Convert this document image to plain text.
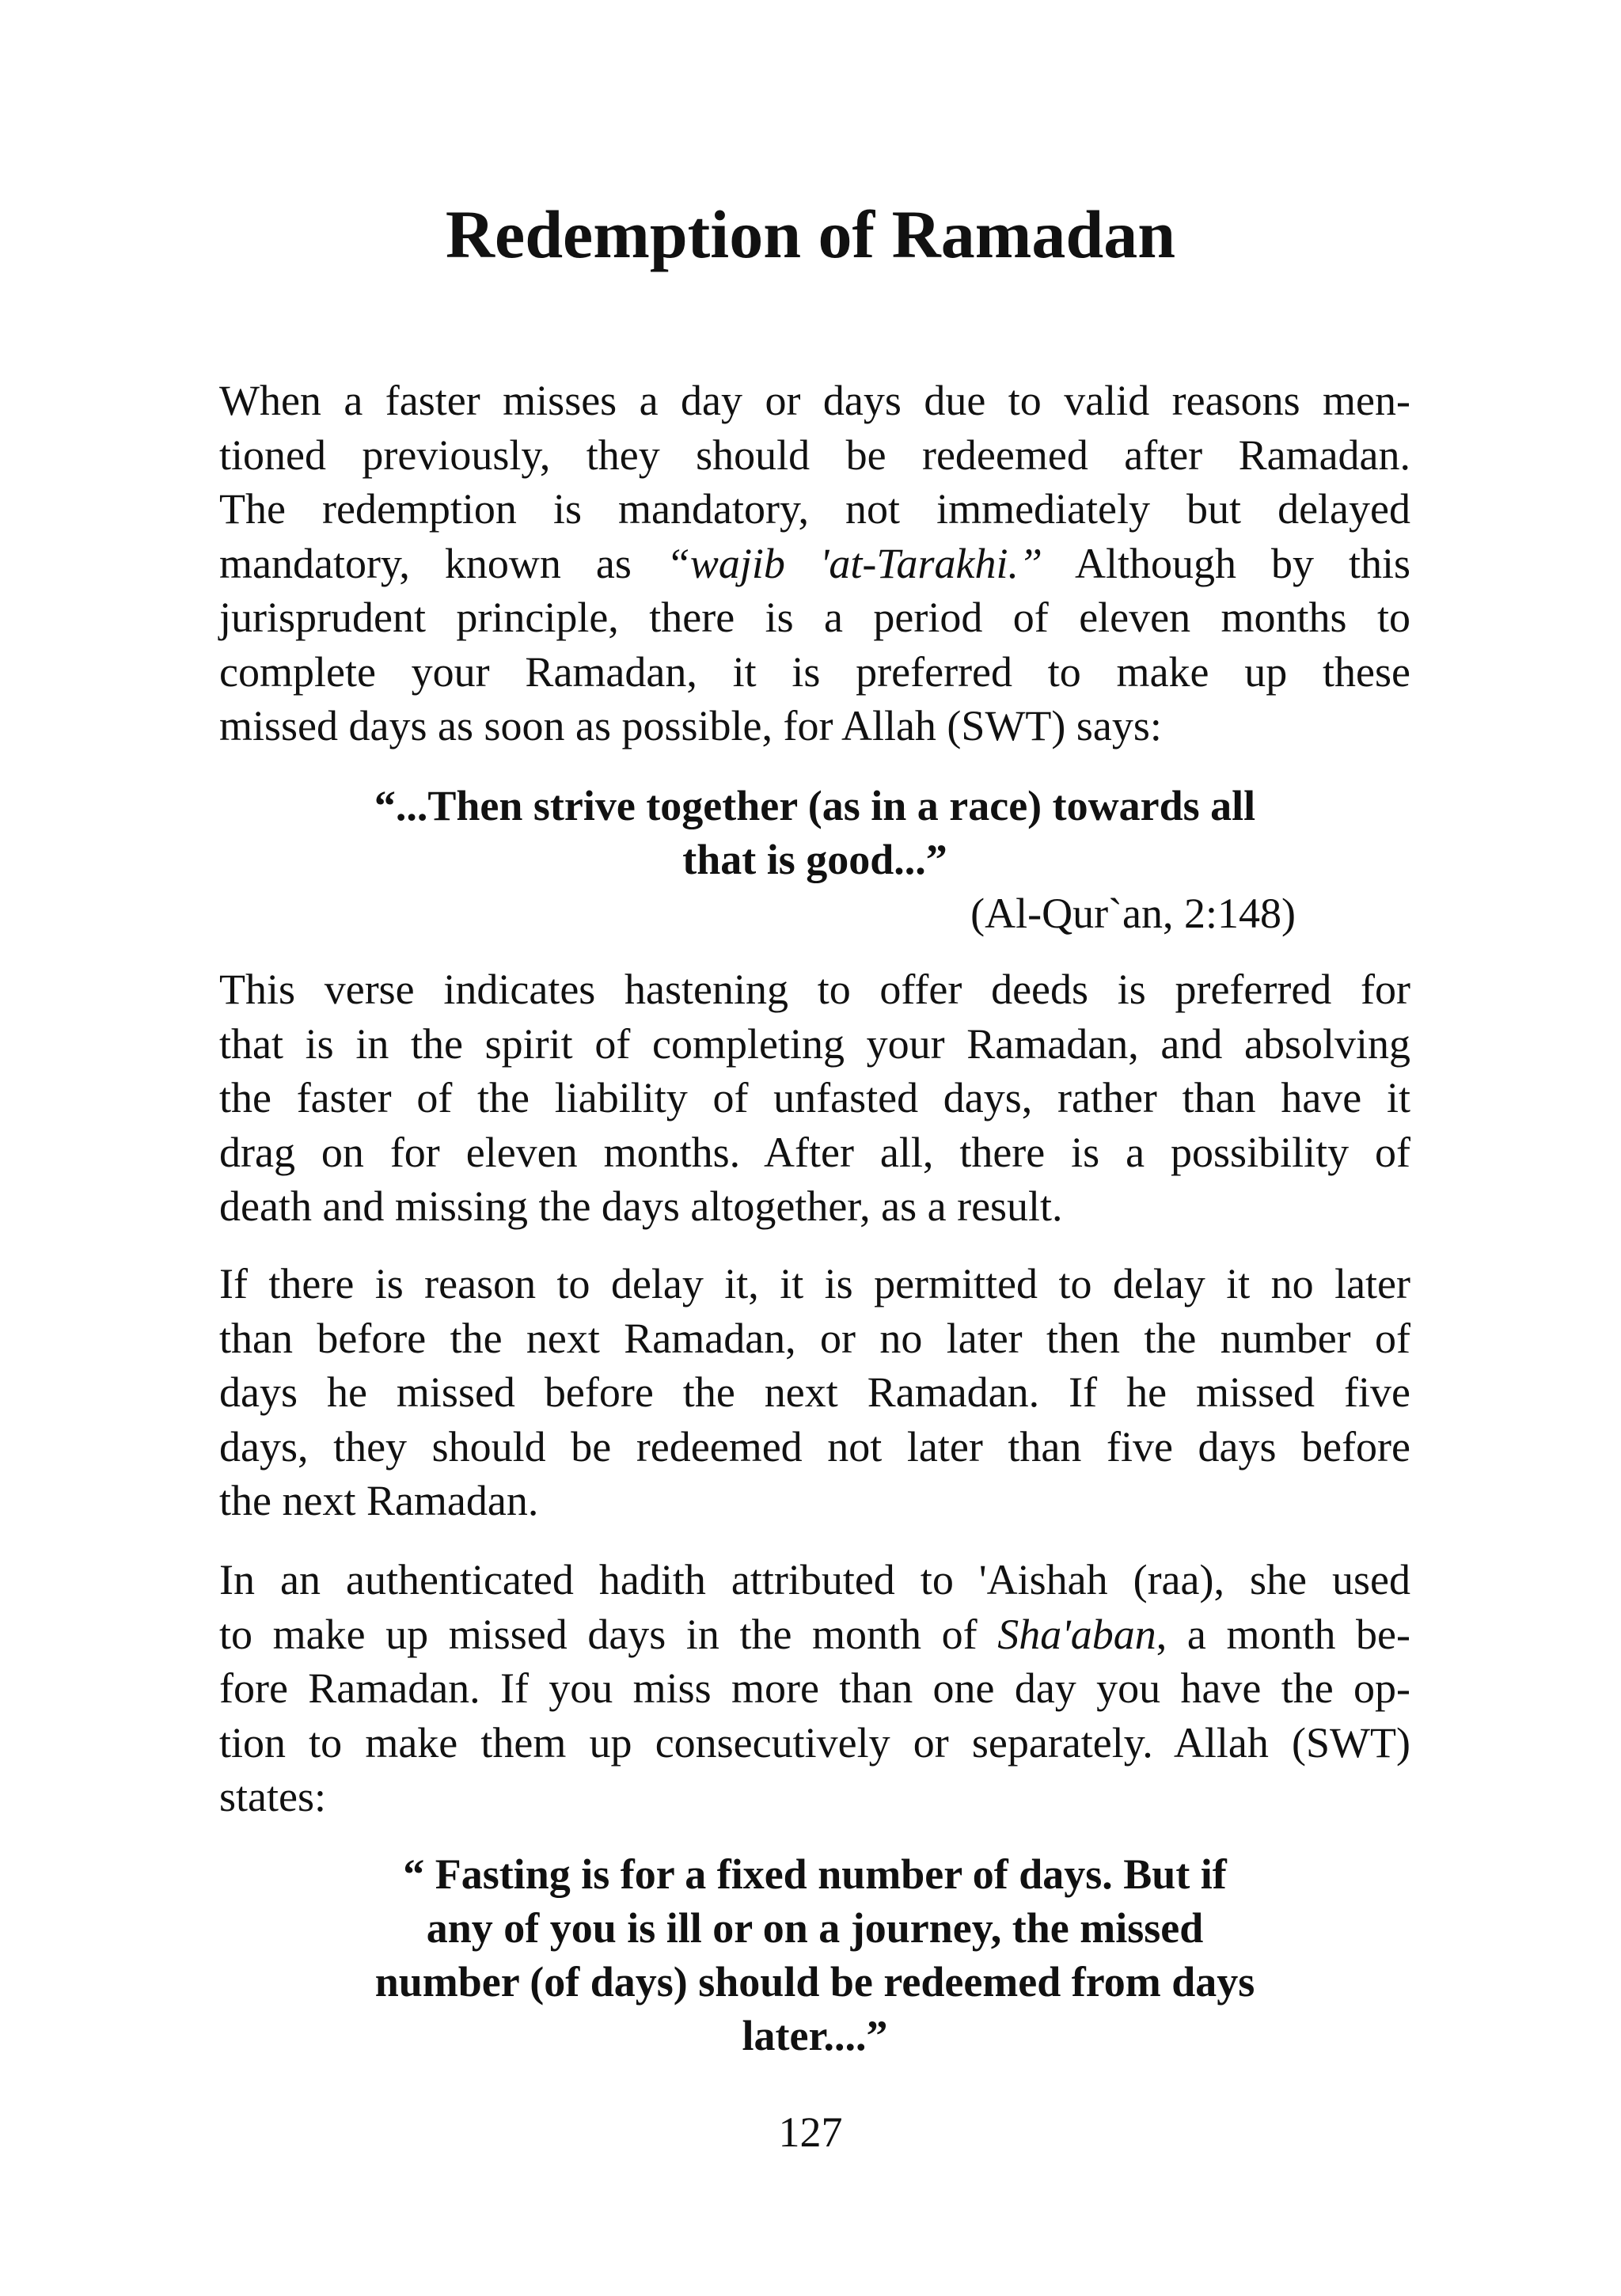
Redemption of Ramadan
When a faster misses a day or days due to valid reasons men-
tioned previously, they should be redeemed after Ramadan.
The redemption is mandatory, not immediately but delayed
mandatory, known as “wajib 'at-Tarakhi.” Although by this
jurisprudent principle, there is a period of eleven months to
complete your Ramadan, it is preferred to make up these
missed days as soon as possible, for Allah (SWT) says:
“...Then strive together (as in a race) towards all
that is good...”
(Al-Qur`an, 2:148)
This verse indicates hastening to offer deeds is preferred for
that is in the spirit of completing your Ramadan, and absolving
the faster of the liability of unfasted days, rather than have it
drag on for eleven months. After all, there is a possibility of
death and missing the days altogether, as a result.
If there is reason to delay it, it is permitted to delay it no later
than before the next Ramadan, or no later then the number of
days he missed before the next Ramadan. If he missed five
days, they should be redeemed not later than five days before
the next Ramadan.
In an authenticated hadith attributed to 'Aishah (raa), she used
to make up missed days in the month of Sha'aban, a month be-
fore Ramadan. If you miss more than one day you have the op-
tion to make them up consecutively or separately. Allah (SWT)
states:
“ Fasting is for a fixed number of days. But if
any of you is ill or on a journey, the missed
number (of days) should be redeemed from days
later....”
127
